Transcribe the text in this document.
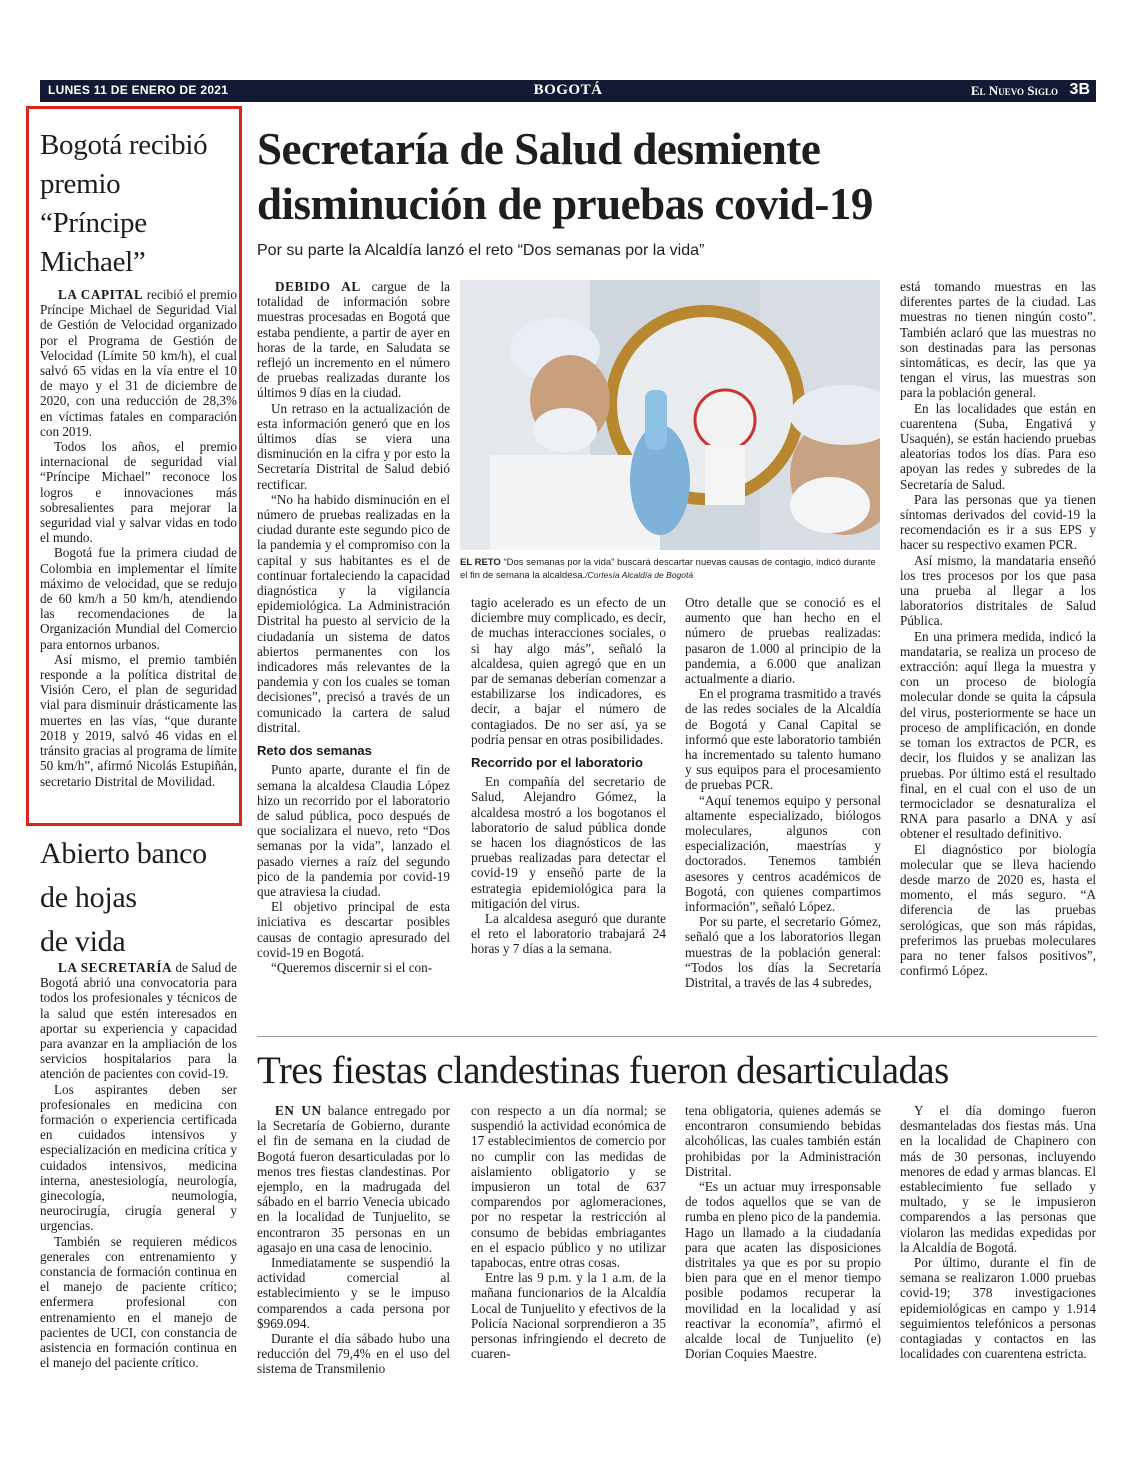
LUNES 11 DE ENERO DE 2021	BOGOTÁ	El Nuevo Siglo 3B
Bogotá recibió
premio
“Príncipe
Michael”

LA CAPITAL recibió el premio Príncipe Michael de Seguridad Vial de Gestión de Velocidad organizado por el Programa de Gestión de Velocidad (Límite 50 km/h), el cual salvó 65 vidas en la vía entre el 10 de mayo y el 31 de diciembre de 2020, con una reducción de 28,3% en víctimas fatales en comparación con 2019.

Todos los años, el premio internacional de seguridad vial “Príncipe Michael” reconoce los logros e innovaciones más sobresalientes para mejorar la seguridad vial y salvar vidas en todo el mundo.

Bogotá fue la primera ciudad de Colombia en implementar el límite máximo de velocidad, que se redujo de 60 km/h a 50 km/h, atendiendo las recomendaciones de la Organización Mundial del Comercio para entornos urbanos.

Así mismo, el premio también responde a la política distrital de Visión Cero, el plan de seguridad vial para disminuir drásticamente las muertes en las vías, “que durante 2018 y 2019, salvó 46 vidas en el tránsito gracias al programa de límite 50 km/h”, afirmó Nicolás Estupiñán, secretario Distrital de Movilidad.

Abierto banco
de hojas
de vida

LA SECRETARÍA de Salud de Bogotá abrió una convocatoria para todos los profesionales y técnicos de la salud que estén interesados en aportar su experiencia y capacidad para avanzar en la ampliación de los servicios hospitalarios para la atención de pacientes con covid-19.

Los aspirantes deben ser profesionales en medicina con formación o experiencia certificada en cuidados intensivos y especialización en medicina crítica y cuidados intensivos, medicina interna, anestesiología, neurología, ginecología, neumología, neurocirugía, cirugía general y urgencias.

También se requieren médicos generales con entrenamiento y constancia de formación continua en el manejo de paciente crítico; enfermera profesional con entrenamiento en el manejo de pacientes de UCI, con constancia de asistencia en formación continua en el manejo del paciente crítico.

Secretaría de Salud desmiente
disminución de pruebas covid-19
Por su parte la Alcaldía lanzó el reto “Dos semanas por la vida”

DEBIDO AL cargue de la totalidad de información sobre muestras procesadas en Bogotá que estaba pendiente, a partir de ayer en horas de la tarde, en Saludata se reflejó un incremento en el número de pruebas realizadas durante los últimos 9 días en la ciudad.

Un retraso en la actualización de esta información generó que en los últimos días se viera una disminución en la cifra y por esto la Secretaría Distrital de Salud debió rectificar.

“No ha habido disminución en el número de pruebas realizadas en la ciudad durante este segundo pico de la pandemia y el compromiso con la capital y sus habitantes es el de continuar fortaleciendo la capacidad diagnóstica y la vigilancia epidemiológica. La Administración Distrital ha puesto al servicio de la ciudadanía un sistema de datos abiertos permanentes con los indicadores más relevantes de la pandemia y con los cuales se toman decisiones”, precisó a través de un comunicado la cartera de salud distrital.

Reto dos semanas

Punto aparte, durante el fin de semana la alcaldesa Claudia López hizo un recorrido por el laboratorio de salud pública, poco después de que socializara el nuevo, reto “Dos semanas por la vida”, lanzado el pasado viernes a raíz del segundo pico de la pandemia por covid-19 que atraviesa la ciudad.

El objetivo principal de esta iniciativa es descartar posibles causas de contagio apresurado del covid-19 en Bogotá.

“Queremos discernir si el con-

EL RETO “Dos semanas por la vida” buscará descartar nuevas causas de contagio, indicó durante el fin de semana la alcaldesa./Cortesía Alcaldía de Bogotá

tagio acelerado es un efecto de un diciembre muy complicado, es decir, de muchas interacciones sociales, o si hay algo más”, señaló la alcaldesa, quien agregó que en un par de semanas deberían comenzar a estabilizarse los indicadores, es decir, a bajar el número de contagiados. De no ser así, ya se podría pensar en otras posibilidades.

Recorrido por el laboratorio

En compañía del secretario de Salud, Alejandro Gómez, la alcaldesa mostró a los bogotanos el laboratorio de salud pública donde se hacen los diagnósticos de las pruebas realizadas para detectar el covid-19 y enseñó parte de la estrategia epidemiológica para la mitigación del virus.

La alcaldesa aseguró que durante el reto el laboratorio trabajará 24 horas y 7 días a la semana.

Otro detalle que se conoció es el aumento que han hecho en el número de pruebas realizadas: pasaron de 1.000 al principio de la pandemia, a 6.000 que analizan actualmente a diario.

En el programa trasmitido a través de las redes sociales de la Alcaldía de Bogotá y Canal Capital se informó que este laboratorio también ha incrementado su talento humano y sus equipos para el procesamiento de pruebas PCR.

“Aquí tenemos equipo y personal altamente especializado, biólogos moleculares, algunos con especialización, maestrías y doctorados. Tenemos también asesores y centros académicos de Bogotá, con quienes compartimos información”, señaló López.

Por su parte, el secretario Gómez, señaló que a los laboratorios llegan muestras de la población general: “Todos los días la Secretaría Distrital, a través de las 4 subredes,

está tomando muestras en las diferentes partes de la ciudad. Las muestras no tienen ningún costo”. También aclaró que las muestras no son destinadas para las personas sintomáticas, es decir, las que ya tengan el virus, las muestras son para la población general.

En las localidades que están en cuarentena (Suba, Engativá y Usaquén), se están haciendo pruebas aleatorias todos los días. Para eso apoyan las redes y subredes de la Secretaría de Salud.

Para las personas que ya tienen síntomas derivados del covid-19 la recomendación es ir a sus EPS y hacer su respectivo examen PCR.

Así mismo, la mandataria enseñó los tres procesos por los que pasa una prueba al llegar a los laboratorios distritales de Salud Pública.

En una primera medida, indicó la mandataria, se realiza un proceso de extracción: aquí llega la muestra y con un proceso de biología molecular donde se quita la cápsula del virus, posteriormente se hace un proceso de amplificación, en donde se toman los extractos de PCR, es decir, los fluidos y se analizan las pruebas. Por último está el resultado final, en el cual con el uso de un termociclador se desnaturaliza el RNA para pasarlo a DNA y así obtener el resultado definitivo.

El diagnóstico por biología molecular que se lleva haciendo desde marzo de 2020 es, hasta el momento, el más seguro. “A diferencia de las pruebas serológicas, que son más rápidas, preferimos las pruebas moleculares para no tener falsos positivos”, confirmó López.

Tres fiestas clandestinas fueron desarticuladas

EN UN balance entregado por la Secretaría de Gobierno, durante el fin de semana en la ciudad de Bogotá fueron desarticuladas por lo menos tres fiestas clandestinas. Por ejemplo, en la madrugada del sábado en el barrio Venecia ubicado en la localidad de Tunjuelito, se encontraron 35 personas en un agasajo en una casa de lenocinio.

Inmediatamente se suspendió la actividad comercial al establecimiento y se le impuso comparendos a cada persona por $969.094.

Durante el día sábado hubo una reducción del 79,4% en el uso del sistema de Transmilenio

con respecto a un día normal; se suspendió la actividad económica de 17 establecimientos de comercio por no cumplir con las medidas de aislamiento obligatorio y se impusieron un total de 637 comparendos por aglomeraciones, por no respetar la restricción al consumo de bebidas embriagantes en el espacio público y no utilizar tapabocas, entre otras cosas.

Entre las 9 p.m. y la 1 a.m. de la mañana funcionarios de la Alcaldía Local de Tunjuelito y efectivos de la Policía Nacional sorprendieron a 35 personas infringiendo el decreto de cuaren-

tena obligatoria, quienes además se encontraron consumiendo bebidas alcohólicas, las cuales también están prohibidas por la Administración Distrital.

“Es un actuar muy irresponsable de todos aquellos que se van de rumba en pleno pico de la pandemia. Hago un llamado a la ciudadanía para que acaten las disposiciones distritales ya que es por su propio bien para que en el menor tiempo posible podamos recuperar la movilidad en la localidad y así reactivar la economía”, afirmó el alcalde local de Tunjuelito (e) Dorian Coquies Maestre.

Y el día domingo fueron desmanteladas dos fiestas más. Una en la localidad de Chapinero con más de 30 personas, incluyendo menores de edad y armas blancas. El establecimiento fue sellado y multado, y se le impusieron comparendos a las personas que violaron las medidas expedidas por la Alcaldía de Bogotá.

Por último, durante el fin de semana se realizaron 1.000 pruebas covid-19; 378 investigaciones epidemiológicas en campo y 1.914 seguimientos telefónicos a personas contagiadas y contactos en las localidades con cuarentena estricta.
